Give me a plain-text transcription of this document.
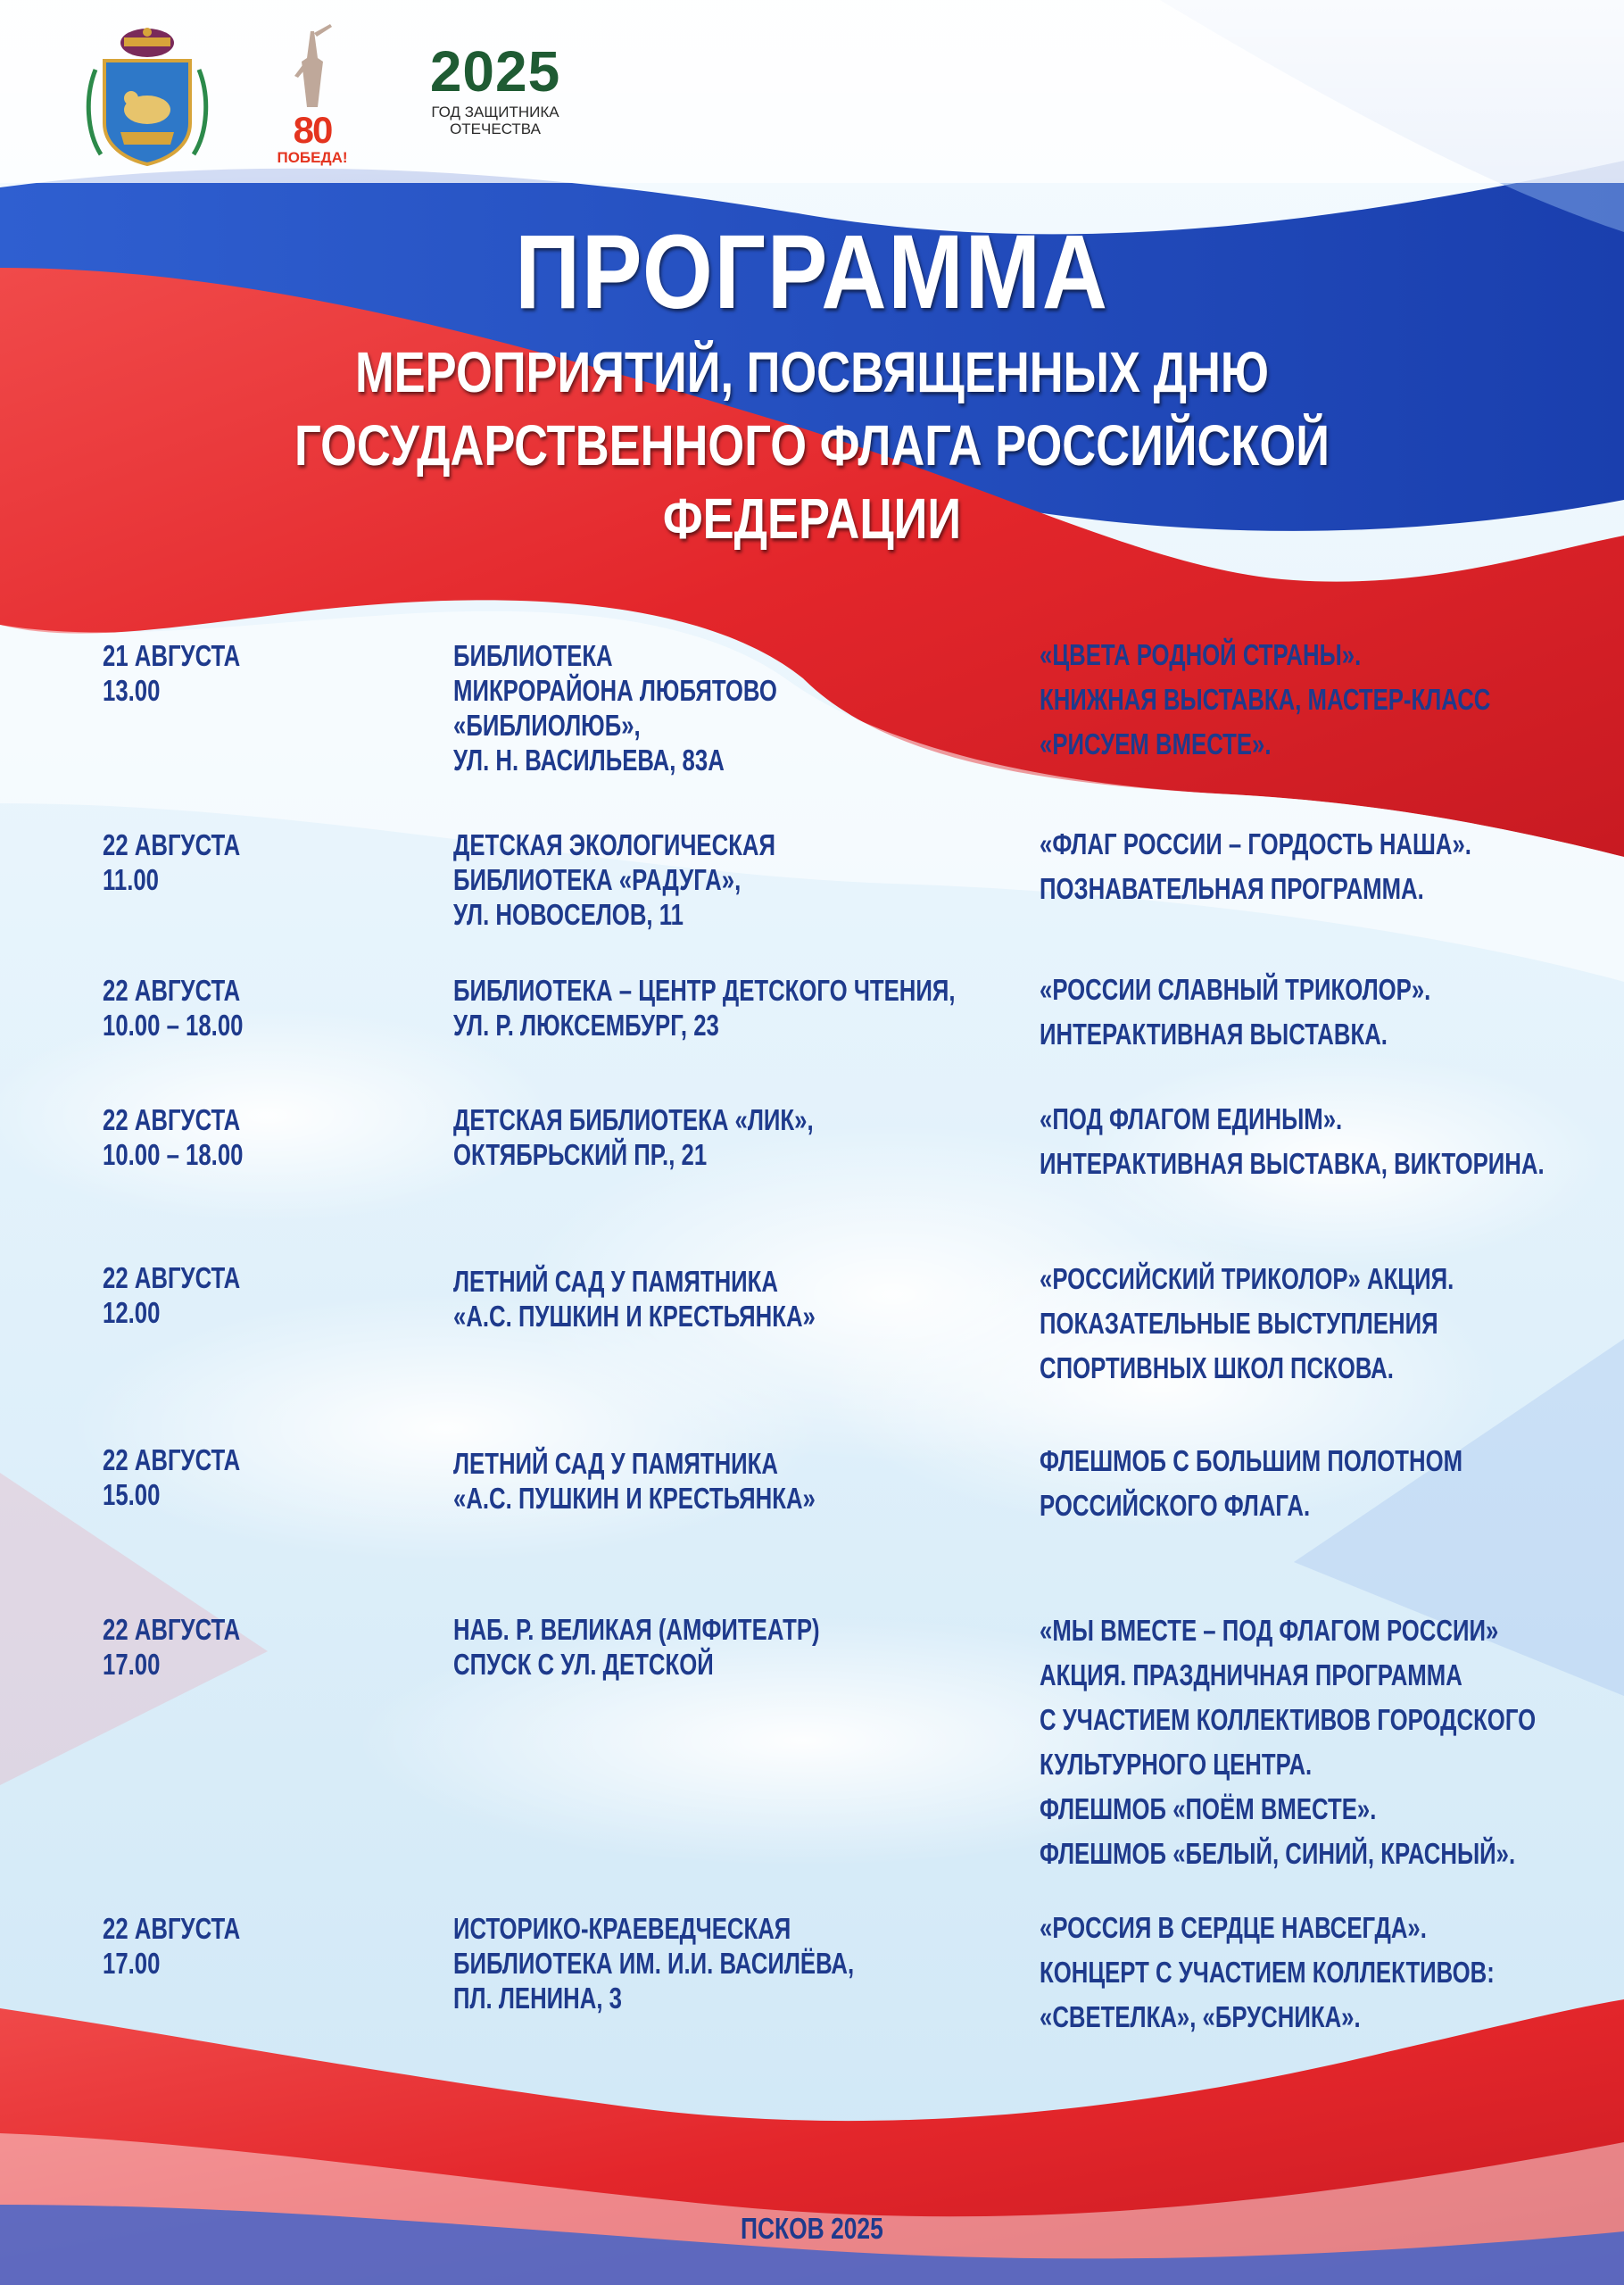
80
ПОБЕДА!
2025
ГОД ЗАЩИТНИКА
ОТЕЧЕСТВА
ПРОГРАММА
МЕРОПРИЯТИЙ, ПОСВЯЩЕННЫХ ДНЮ
ГОСУДАРСТВЕННОГО ФЛАГА РОССИЙСКОЙ ФЕДЕРАЦИИ
21 АВГУСТА
13.00
БИБЛИОТЕКА
МИКРОРАЙОНА ЛЮБЯТОВО
«БИБЛИОЛЮБ»,
УЛ. Н. ВАСИЛЬЕВА, 83А
«ЦВЕТА РОДНОЙ СТРАНЫ».
КНИЖНАЯ ВЫСТАВКА, МАСТЕР-КЛАСС
«РИСУЕМ ВМЕСТЕ».
22 АВГУСТА
11.00
ДЕТСКАЯ ЭКОЛОГИЧЕСКАЯ
БИБЛИОТЕКА «РАДУГА»,
УЛ. НОВОСЕЛОВ, 11
«ФЛАГ РОССИИ – ГОРДОСТЬ НАША».
ПОЗНАВАТЕЛЬНАЯ ПРОГРАММА.
22 АВГУСТА
10.00 – 18.00
БИБЛИОТЕКА – ЦЕНТР ДЕТСКОГО ЧТЕНИЯ,
УЛ. Р. ЛЮКСЕМБУРГ, 23
«РОССИИ СЛАВНЫЙ ТРИКОЛОР».
ИНТЕРАКТИВНАЯ ВЫСТАВКА.
22 АВГУСТА
10.00 – 18.00
ДЕТСКАЯ БИБЛИОТЕКА «ЛИК»,
ОКТЯБРЬСКИЙ ПР., 21
«ПОД ФЛАГОМ ЕДИНЫМ».
ИНТЕРАКТИВНАЯ ВЫСТАВКА, ВИКТОРИНА.
22 АВГУСТА
12.00
ЛЕТНИЙ САД У ПАМЯТНИКА
«А.С. ПУШКИН И КРЕСТЬЯНКА»
«РОССИЙСКИЙ ТРИКОЛОР» АКЦИЯ.
ПОКАЗАТЕЛЬНЫЕ ВЫСТУПЛЕНИЯ
СПОРТИВНЫХ ШКОЛ ПСКОВА.
22 АВГУСТА
15.00
ЛЕТНИЙ САД У ПАМЯТНИКА
«А.С. ПУШКИН И КРЕСТЬЯНКА»
ФЛЕШМОБ С БОЛЬШИМ ПОЛОТНОМ
РОССИЙСКОГО ФЛАГА.
22 АВГУСТА
17.00
НАБ. Р. ВЕЛИКАЯ (АМФИТЕАТР)
СПУСК С УЛ. ДЕТСКОЙ
«МЫ ВМЕСТЕ – ПОД ФЛАГОМ РОССИИ»
АКЦИЯ. ПРАЗДНИЧНАЯ ПРОГРАММА
С УЧАСТИЕМ КОЛЛЕКТИВОВ ГОРОДСКОГО
КУЛЬТУРНОГО ЦЕНТРА.
ФЛЕШМОБ «ПОЁМ ВМЕСТЕ».
ФЛЕШМОБ «БЕЛЫЙ, СИНИЙ, КРАСНЫЙ».
22 АВГУСТА
17.00
ИСТОРИКО-КРАЕВЕДЧЕСКАЯ
БИБЛИОТЕКА ИМ. И.И. ВАСИЛЁВА,
ПЛ. ЛЕНИНА, 3
«РОССИЯ В СЕРДЦЕ НАВСЕГДА».
КОНЦЕРТ С УЧАСТИЕМ КОЛЛЕКТИВОВ:
«СВЕТЕЛКА», «БРУСНИКА».
ПСКОВ 2025
